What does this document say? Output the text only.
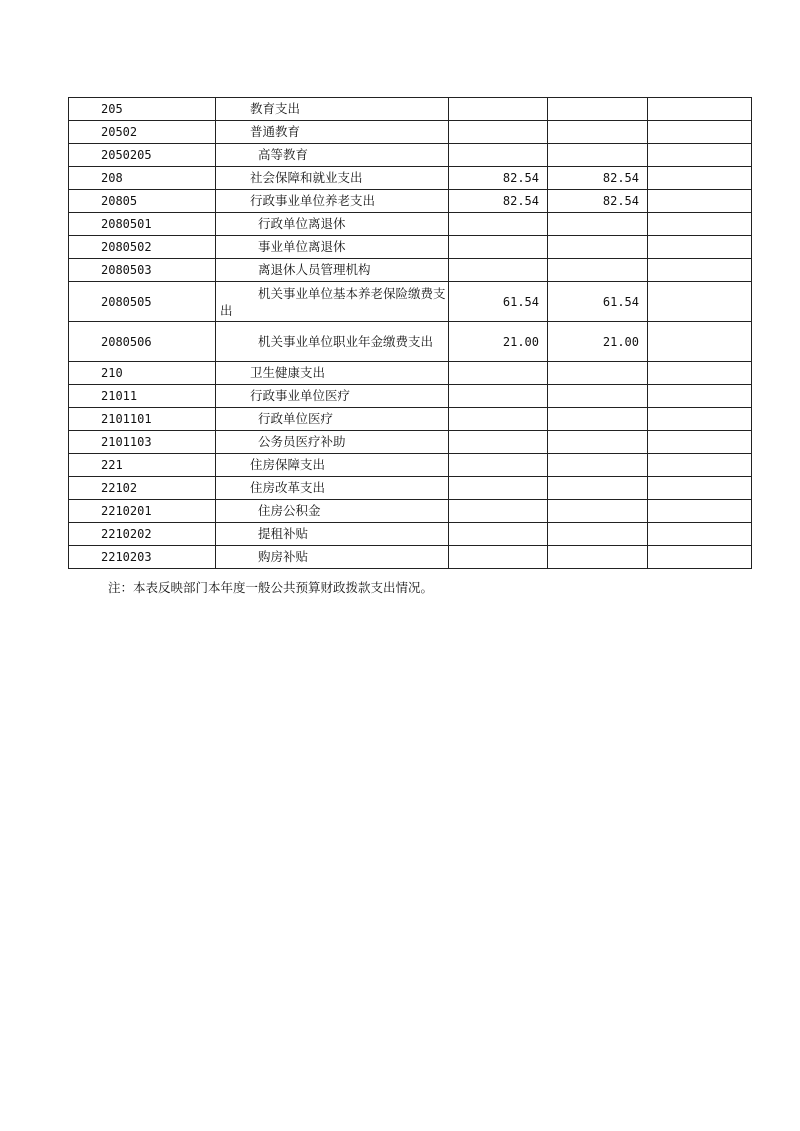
205	教育支出			

20502	普通教育			

2050205	高等教育			

208	社会保障和就业支出	82.54	82.54	
20805	行政事业单位养老支出	82.54	82.54	
2080501	行政单位离退休			

2080502	事业单位离退休			

2080503	离退休人员管理机构			

2080505	机关事业单位基本养老保险缴费支出	61.54	61.54	
2080506	机关事业单位职业年金缴费支出	21.00	21.00	
210	卫生健康支出			

21011	行政事业单位医疗			

2101101	行政单位医疗			

2101103	公务员医疗补助			

221	住房保障支出			

22102	住房改革支出			

2210201	住房公积金			

2210202	提租补贴			

2210203	购房补贴			

注：本表反映部门本年度一般公共预算财政拨款支出情况。
